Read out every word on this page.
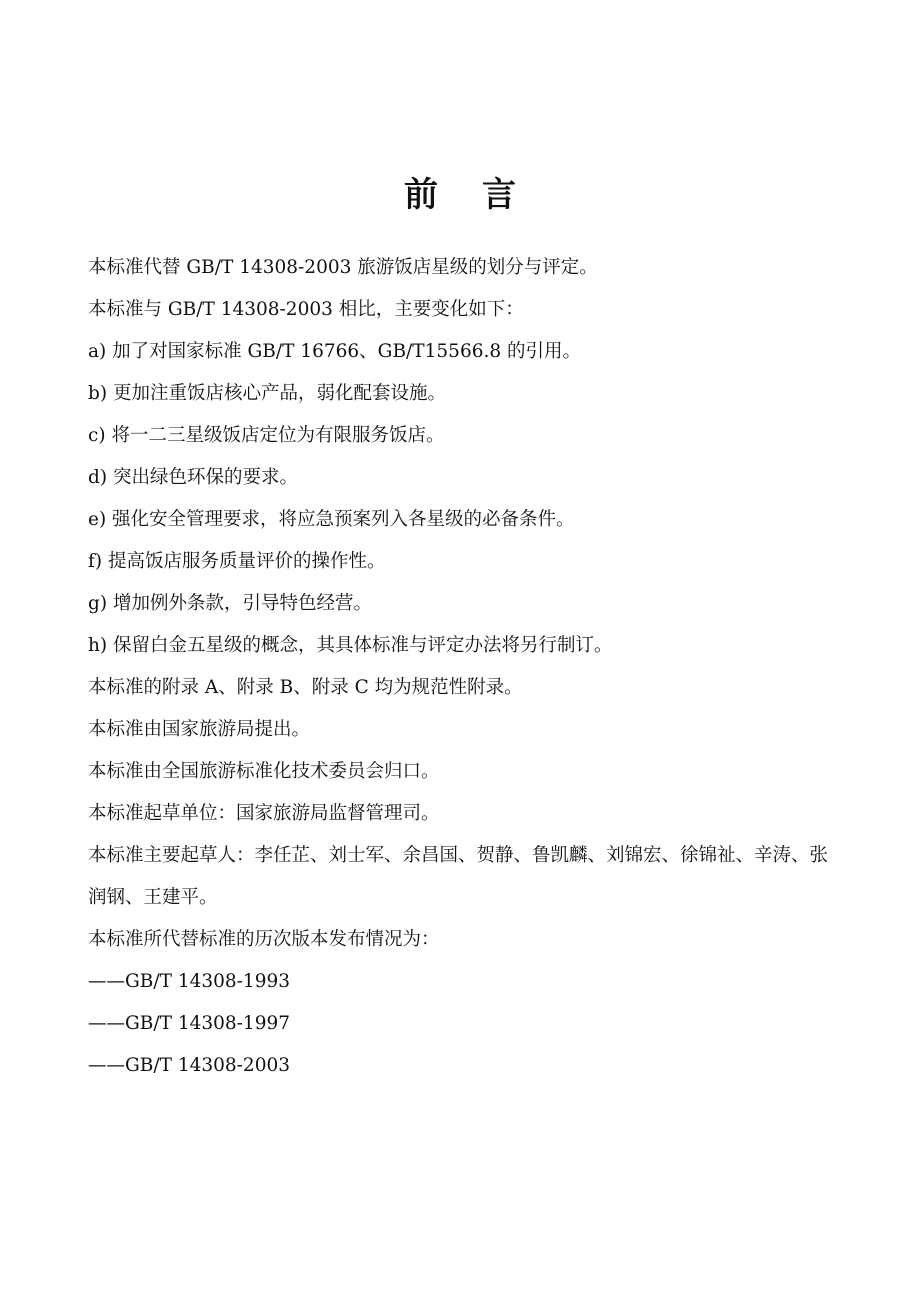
前 言
本标准代替 GB/T 14308-2003 旅游饭店星级的划分与评定。
本标准与 GB/T 14308-2003 相比，主要变化如下：
a) 加了对国家标准 GB/T 16766、GB/T15566.8 的引用。
b) 更加注重饭店核心产品，弱化配套设施。
c) 将一二三星级饭店定位为有限服务饭店。
d) 突出绿色环保的要求。
e) 强化安全管理要求，将应急预案列入各星级的必备条件。
f) 提高饭店服务质量评价的操作性。
g) 增加例外条款，引导特色经营。
h) 保留白金五星级的概念，其具体标准与评定办法将另行制订。
本标准的附录 A、附录 B、附录 C 均为规范性附录。
本标准由国家旅游局提出。
本标准由全国旅游标准化技术委员会归口。
本标准起草单位：国家旅游局监督管理司。
本标准主要起草人：李任芷、刘士军、余昌国、贺静、鲁凯麟、刘锦宏、徐锦祉、辛涛、张润钢、王建平。
本标准所代替标准的历次版本发布情况为：
——GB/T 14308-1993
——GB/T 14308-1997
——GB/T 14308-2003
